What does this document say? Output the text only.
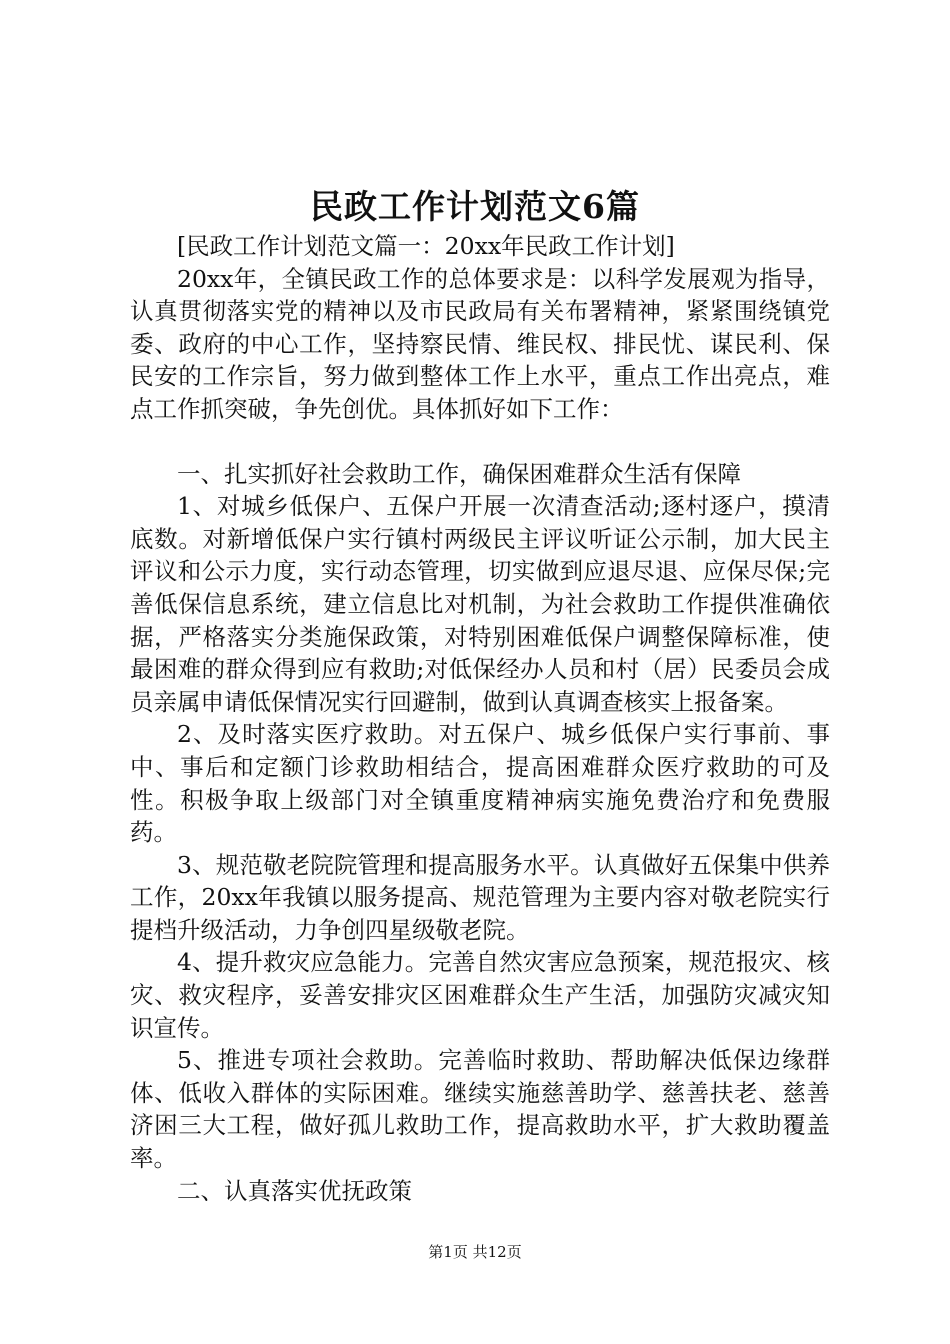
民政工作计划范文6篇

[民政工作计划范文篇一：20xx年民政工作计划]

20xx年，全镇民政工作的总体要求是：以科学发展观为指导，认真贯彻落实党的精神以及市民政局有关布署精神，紧紧围绕镇党委、政府的中心工作，坚持察民情、维民权、排民忧、谋民利、保民安的工作宗旨，努力做到整体工作上水平，重点工作出亮点，难点工作抓突破，争先创优。具体抓好如下工作：

一、扎实抓好社会救助工作，确保困难群众生活有保障

1、对城乡低保户、五保户开展一次清查活动;逐村逐户，摸清底数。对新增低保户实行镇村两级民主评议听证公示制，加大民主评议和公示力度，实行动态管理，切实做到应退尽退、应保尽保;完善低保信息系统，建立信息比对机制，为社会救助工作提供准确依据，严格落实分类施保政策，对特别困难低保户调整保障标准，使最困难的群众得到应有救助;对低保经办人员和村（居）民委员会成员亲属申请低保情况实行回避制，做到认真调查核实上报备案。

2、及时落实医疗救助。对五保户、城乡低保户实行事前、事中、事后和定额门诊救助相结合，提高困难群众医疗救助的可及性。积极争取上级部门对全镇重度精神病实施免费治疗和免费服药。

3、规范敬老院院管理和提高服务水平。认真做好五保集中供养工作，20xx年我镇以服务提高、规范管理为主要内容对敬老院实行提档升级活动，力争创四星级敬老院。

4、提升救灾应急能力。完善自然灾害应急预案，规范报灾、核灾、救灾程序，妥善安排灾区困难群众生产生活，加强防灾减灾知识宣传。

5、推进专项社会救助。完善临时救助、帮助解决低保边缘群体、低收入群体的实际困难。继续实施慈善助学、慈善扶老、慈善济困三大工程，做好孤儿救助工作，提高救助水平，扩大救助覆盖率。

二、认真落实优抚政策

第1页 共12页
